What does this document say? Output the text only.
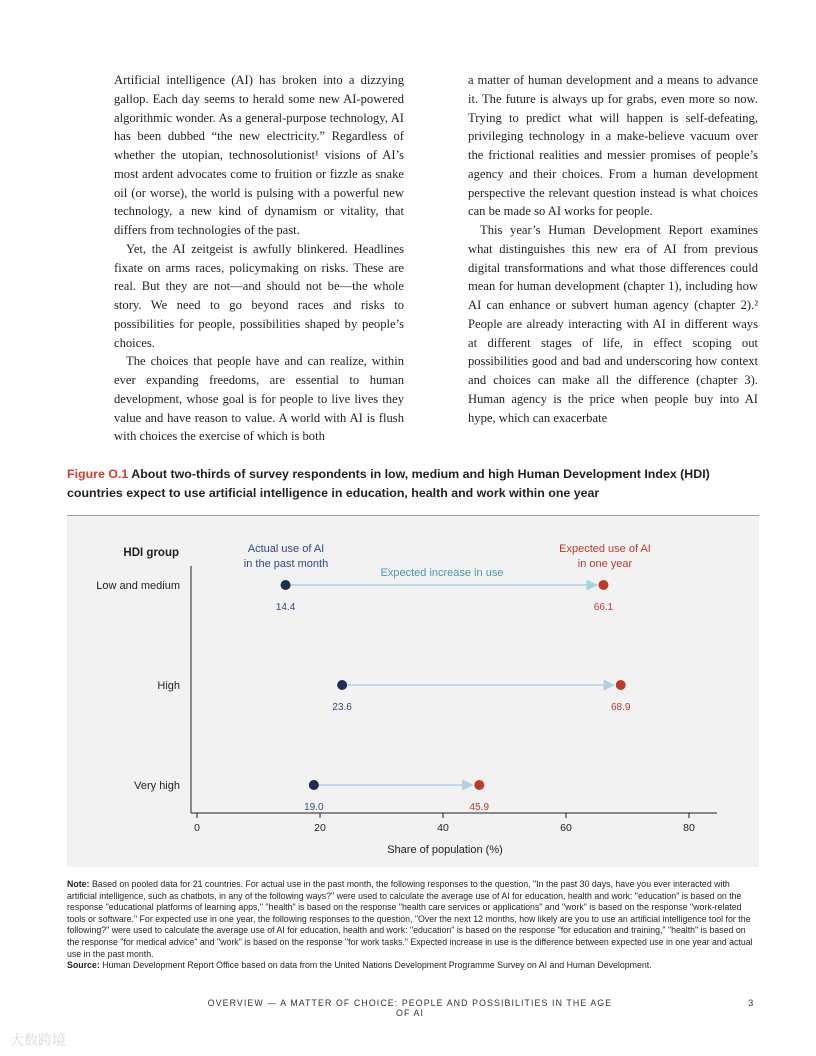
Artificial intelligence (AI) has broken into a dizzying gallop. Each day seems to herald some new AI-powered algorithmic wonder. As a general-purpose technology, AI has been dubbed “the new electricity.” Regardless of whether the utopian, technosolutionist¹ visions of AI’s most ardent advocates come to fruition or fizzle as snake oil (or worse), the world is pulsing with a powerful new technology, a new kind of dynamism or vitality, that differs from technologies of the past.

Yet, the AI zeitgeist is awfully blinkered. Headlines fixate on arms races, policymaking on risks. These are real. But they are not—and should not be—the whole story. We need to go beyond races and risks to possibilities for people, possibilities shaped by people’s choices.

The choices that people have and can realize, within ever expanding freedoms, are essential to human development, whose goal is for people to live lives they value and have reason to value. A world with AI is flush with choices the exercise of which is both

a matter of human development and a means to advance it. The future is always up for grabs, even more so now. Trying to predict what will happen is self-defeating, privileging technology in a make-believe vacuum over the frictional realities and messier promises of people’s agency and their choices. From a human development perspective the relevant question instead is what choices can be made so AI works for people.

This year’s Human Development Report examines what distinguishes this new era of AI from previous digital transformations and what those differences could mean for human development (chapter 1), including how AI can enhance or subvert human agency (chapter 2).² People are already interacting with AI in different ways at different stages of life, in effect scoping out possibilities good and bad and underscoring how context and choices can make all the difference (chapter 3). Human agency is the price when people buy into AI hype, which can exacerbate

Figure O.1 About two-thirds of survey respondents in low, medium and high Human Development Index (HDI) countries expect to use artificial intelligence in education, health and work within one year
HDI group	Actual use of AI
in the past month
Expected use of AI
in one year
Expected increase in use
14.4	66.1
Low and medium
23.6	68.9
High
19.0	45.9
Very high
0	20	40	60	80
Share of population (%)
Note: Based on pooled data for 21 countries. For actual use in the past month, the following responses to the question, "In the past 30 days, have you ever interacted with artificial intelligence, such as chatbots, in any of the following ways?" were used to calculate the average use of AI for education, health and work: "education" is based on the response "educational platforms of learning apps," "health" is based on the response "health care services or applications" and "work" is based on the response "work-related tools or software." For expected use in one year, the following responses to the question, "Over the next 12 months, how likely are you to use an artificial intelligence tool for the following?" were used to calculate the average use of AI for education, health and work: "education" is based on the response "for education and training," "health" is based on the response "for medical advice" and "work" is based on the response "for work tasks." Expected increase in use is the difference between expected use in one year and actual use in the past month.
Source: Human Development Report Office based on data from the United Nations Development Programme Survey on AI and Human Development.
OVERVIEW — A MATTER OF CHOICE: PEOPLE AND POSSIBILITIES IN THE AGE OF AI
3
大数跨境
